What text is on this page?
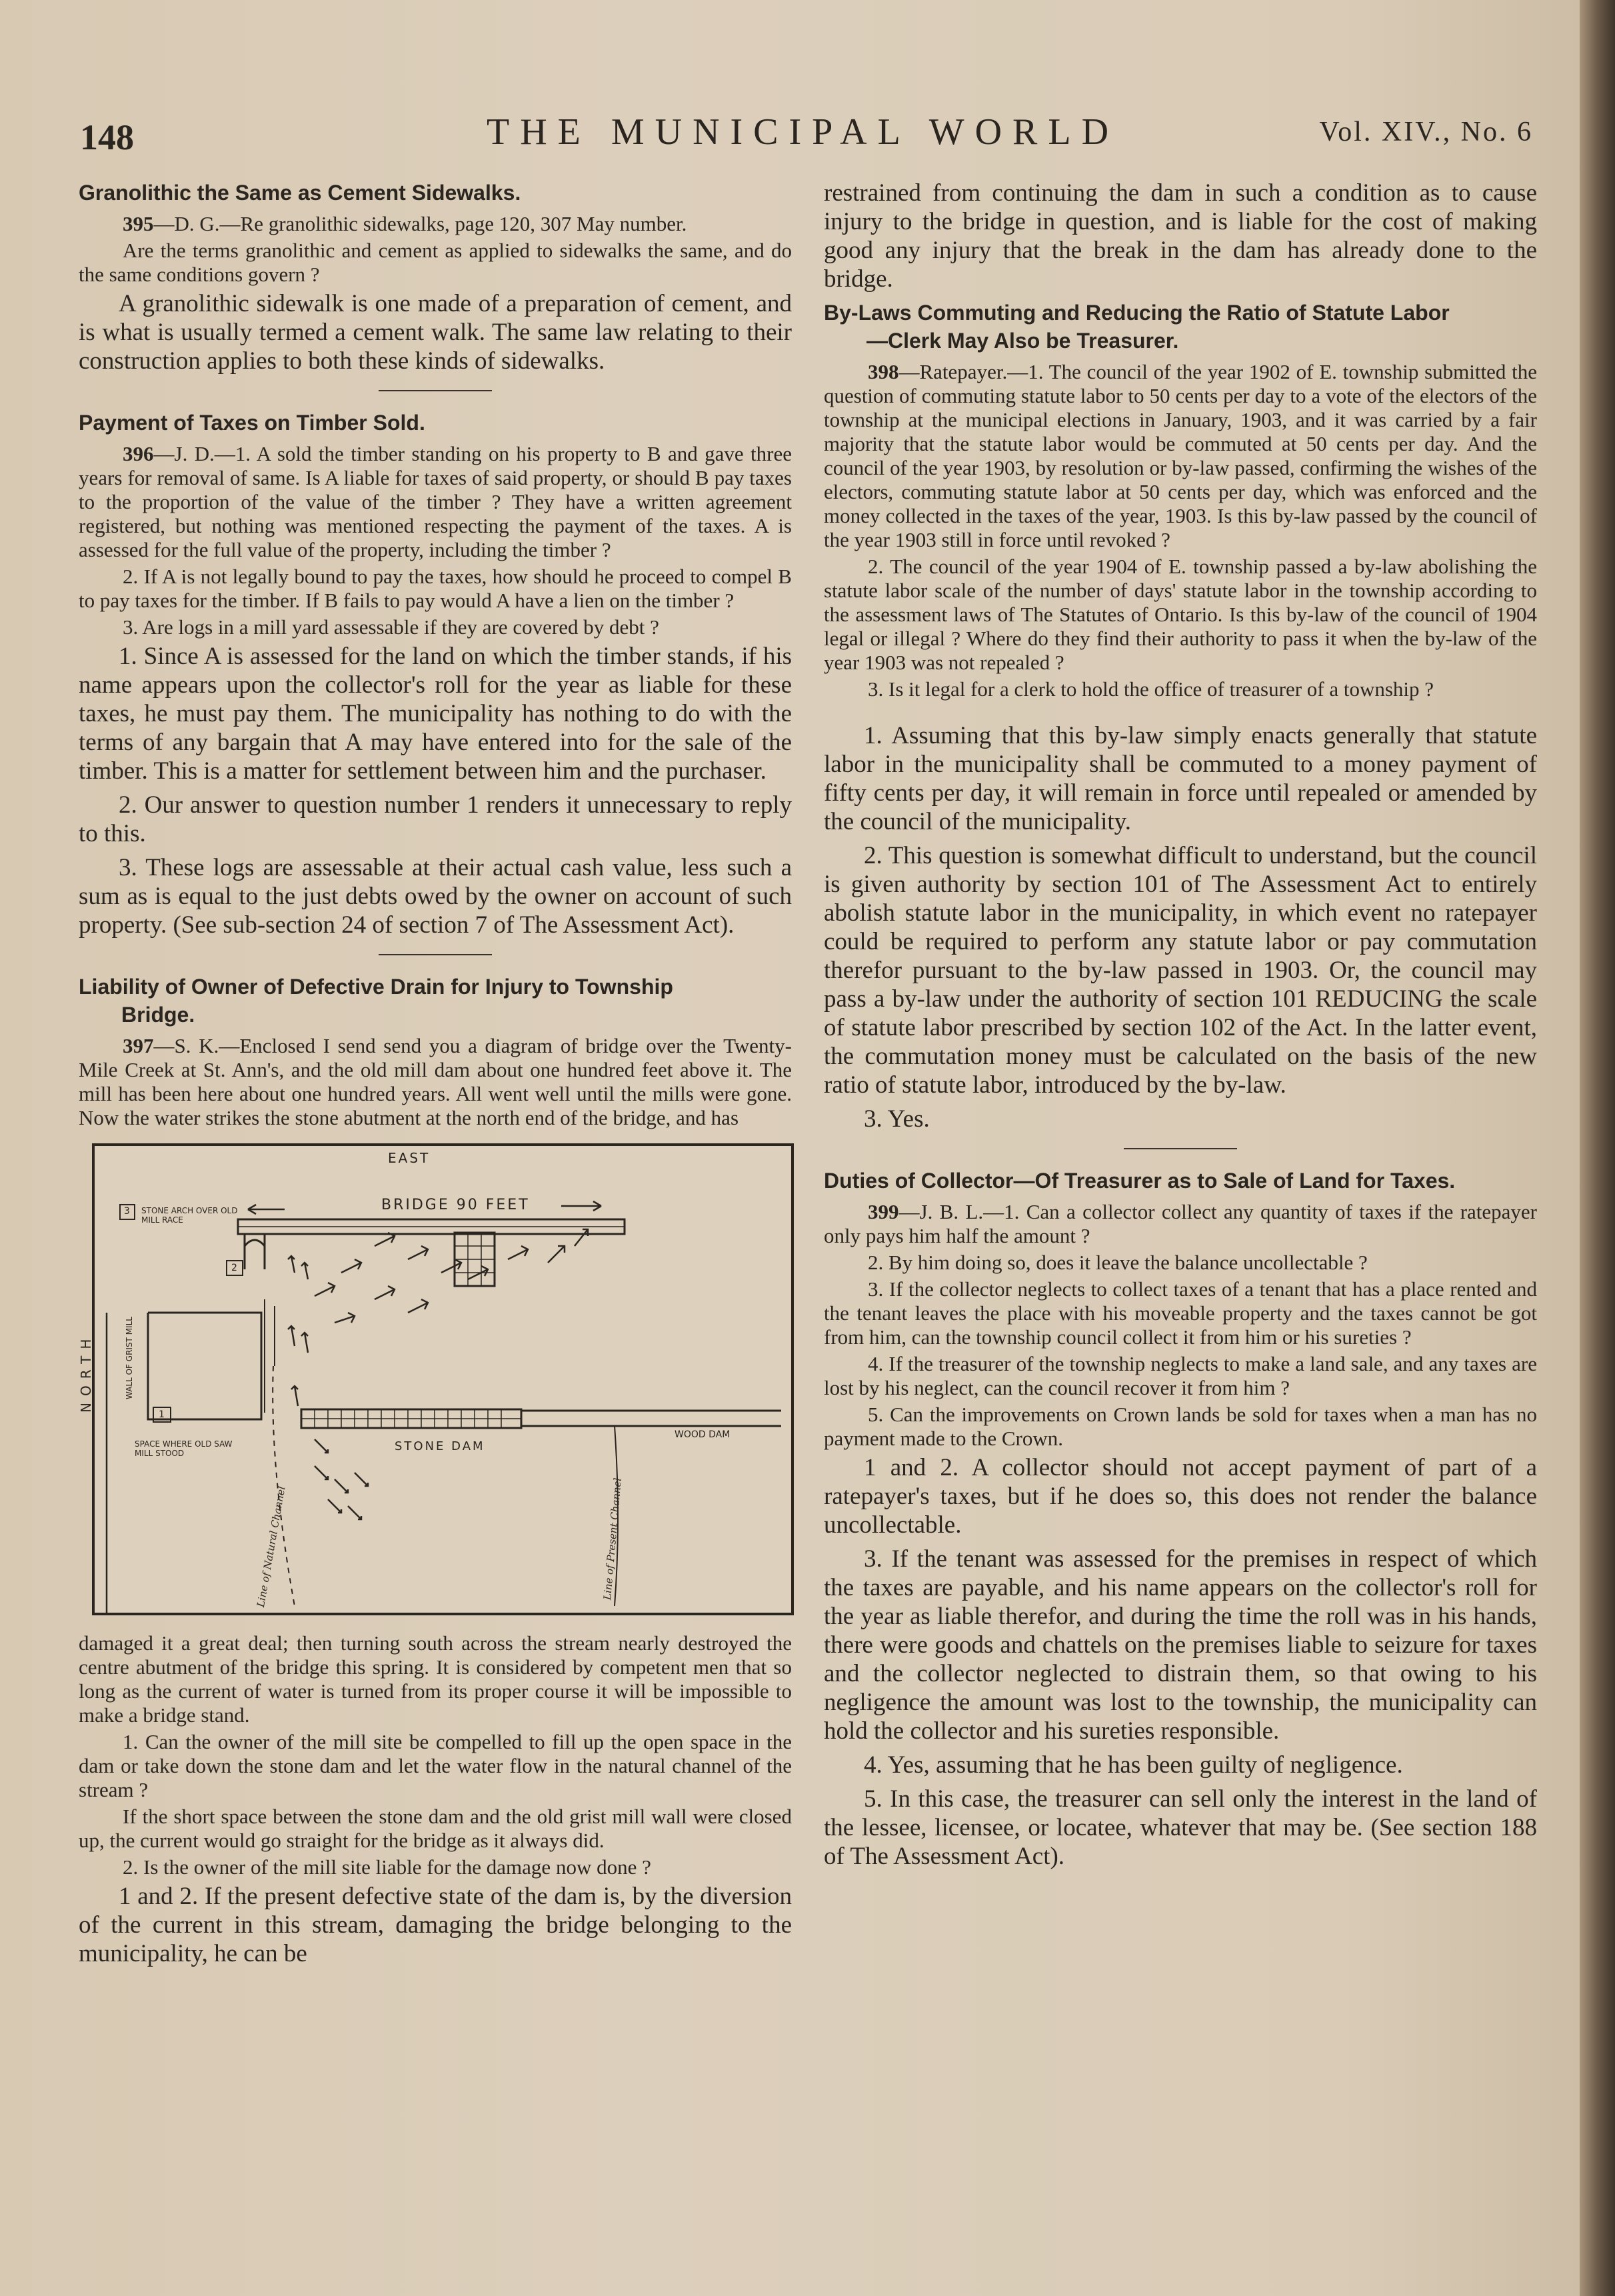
148	THE MUNICIPAL WORLD	Vol. XIV., No. 6
Granolithic the Same as Cement Sidewalks.

395—D. G.—Re granolithic sidewalks, page 120, 307 May number.

Are the terms granolithic and cement as applied to sidewalks the same, and do the same conditions govern ?

A granolithic sidewalk is one made of a preparation of cement, and is what is usually termed a cement walk. The same law relating to their construction applies to both these kinds of sidewalks.

Payment of Taxes on Timber Sold.

396—J. D.—1. A sold the timber standing on his property to B and gave three years for removal of same. Is A liable for taxes of said property, or should B pay taxes to the proportion of the value of the timber ? They have a written agreement registered, but nothing was mentioned respecting the payment of the taxes. A is assessed for the full value of the property, including the timber ?

2. If A is not legally bound to pay the taxes, how should he proceed to compel B to pay taxes for the timber. If B fails to pay would A have a lien on the timber ?

3. Are logs in a mill yard assessable if they are covered by debt ?

1. Since A is assessed for the land on which the timber stands, if his name appears upon the collector's roll for the year as liable for these taxes, he must pay them. The municipality has nothing to do with the terms of any bargain that A may have entered into for the sale of the timber. This is a matter for settlement between him and the purchaser.

2. Our answer to question number 1 renders it unnecessary to reply to this.

3. These logs are assessable at their actual cash value, less such a sum as is equal to the just debts owed by the owner on account of such property. (See sub-section 24 of section 7 of The Assessment Act).

Liability of Owner of Defective Drain for Injury to Township
Bridge.

397—S. K.—Enclosed I send send you a diagram of bridge over the Twenty-Mile Creek at St. Ann's, and the old mill dam about one hundred feet above it. The mill has been here about one hundred years. All went well until the mills were gone. Now the water strikes the stone abutment at the north end of the bridge, and has

EAST
BRIDGE 90 FEET
STONE ARCH OVER OLD MILL RACE
3
2
1
NORTH	WALL OF GRIST MILL
SPACE WHERE OLD SAW MILL STOOD	STONE DAM
WOOD DAM
Line of Natural Channel	Line of Present Channel

damaged it a great deal; then turning south across the stream nearly destroyed the centre abutment of the bridge this spring. It is considered by competent men that so long as the current of water is turned from its proper course it will be impossible to make a bridge stand.

1. Can the owner of the mill site be compelled to fill up the open space in the dam or take down the stone dam and let the water flow in the natural channel of the stream ?

If the short space between the stone dam and the old grist mill wall were closed up, the current would go straight for the bridge as it always did.

2. Is the owner of the mill site liable for the damage now done ?

1 and 2. If the present defective state of the dam is, by the diversion of the current in this stream, damaging the bridge belonging to the municipality, he can be

restrained from continuing the dam in such a condition as to cause injury to the bridge in question, and is liable for the cost of making good any injury that the break in the dam has already done to the bridge.

By-Laws Commuting and Reducing the Ratio of Statute Labor
—Clerk May Also be Treasurer.

398—Ratepayer.—1. The council of the year 1902 of E. township submitted the question of commuting statute labor to 50 cents per day to a vote of the electors of the township at the municipal elections in January, 1903, and it was carried by a fair majority that the statute labor would be commuted at 50 cents per day. And the council of the year 1903, by resolution or by-law passed, confirming the wishes of the electors, commuting statute labor at 50 cents per day, which was enforced and the money collected in the taxes of the year, 1903. Is this by-law passed by the council of the year 1903 still in force until revoked ?

2. The council of the year 1904 of E. township passed a by-law abolishing the statute labor scale of the number of days' statute labor in the township according to the assessment laws of The Statutes of Ontario. Is this by-law of the council of 1904 legal or illegal ? Where do they find their authority to pass it when the by-law of the year 1903 was not repealed ?

3. Is it legal for a clerk to hold the office of treasurer of a township ?

1. Assuming that this by-law simply enacts generally that statute labor in the municipality shall be commuted to a money payment of fifty cents per day, it will remain in force until repealed or amended by the council of the municipality.

2. This question is somewhat difficult to understand, but the council is given authority by section 101 of The Assessment Act to entirely abolish statute labor in the municipality, in which event no ratepayer could be required to perform any statute labor or pay commutation therefor pursuant to the by-law passed in 1903. Or, the council may pass a by-law under the authority of section 101 REDUCING the scale of statute labor prescribed by section 102 of the Act. In the latter event, the commutation money must be calculated on the basis of the new ratio of statute labor, introduced by the by-law.

3. Yes.

Duties of Collector—Of Treasurer as to Sale of Land for Taxes.

399—J. B. L.—1. Can a collector collect any quantity of taxes if the ratepayer only pays him half the amount ?

2. By him doing so, does it leave the balance uncollectable ?

3. If the collector neglects to collect taxes of a tenant that has a place rented and the tenant leaves the place with his moveable property and the taxes cannot be got from him, can the township council collect it from him or his sureties ?

4. If the treasurer of the township neglects to make a land sale, and any taxes are lost by his neglect, can the council recover it from him ?

5. Can the improvements on Crown lands be sold for taxes when a man has no payment made to the Crown.

1 and 2. A collector should not accept payment of part of a ratepayer's taxes, but if he does so, this does not render the balance uncollectable.

3. If the tenant was assessed for the premises in respect of which the taxes are payable, and his name appears on the collector's roll for the year as liable therefor, and during the time the roll was in his hands, there were goods and chattels on the premises liable to seizure for taxes and the collector neglected to distrain them, so that owing to his negligence the amount was lost to the township, the municipality can hold the collector and his sureties responsible.

4. Yes, assuming that he has been guilty of negligence.

5. In this case, the treasurer can sell only the interest in the land of the lessee, licensee, or locatee, whatever that may be. (See section 188 of The Assessment Act).
